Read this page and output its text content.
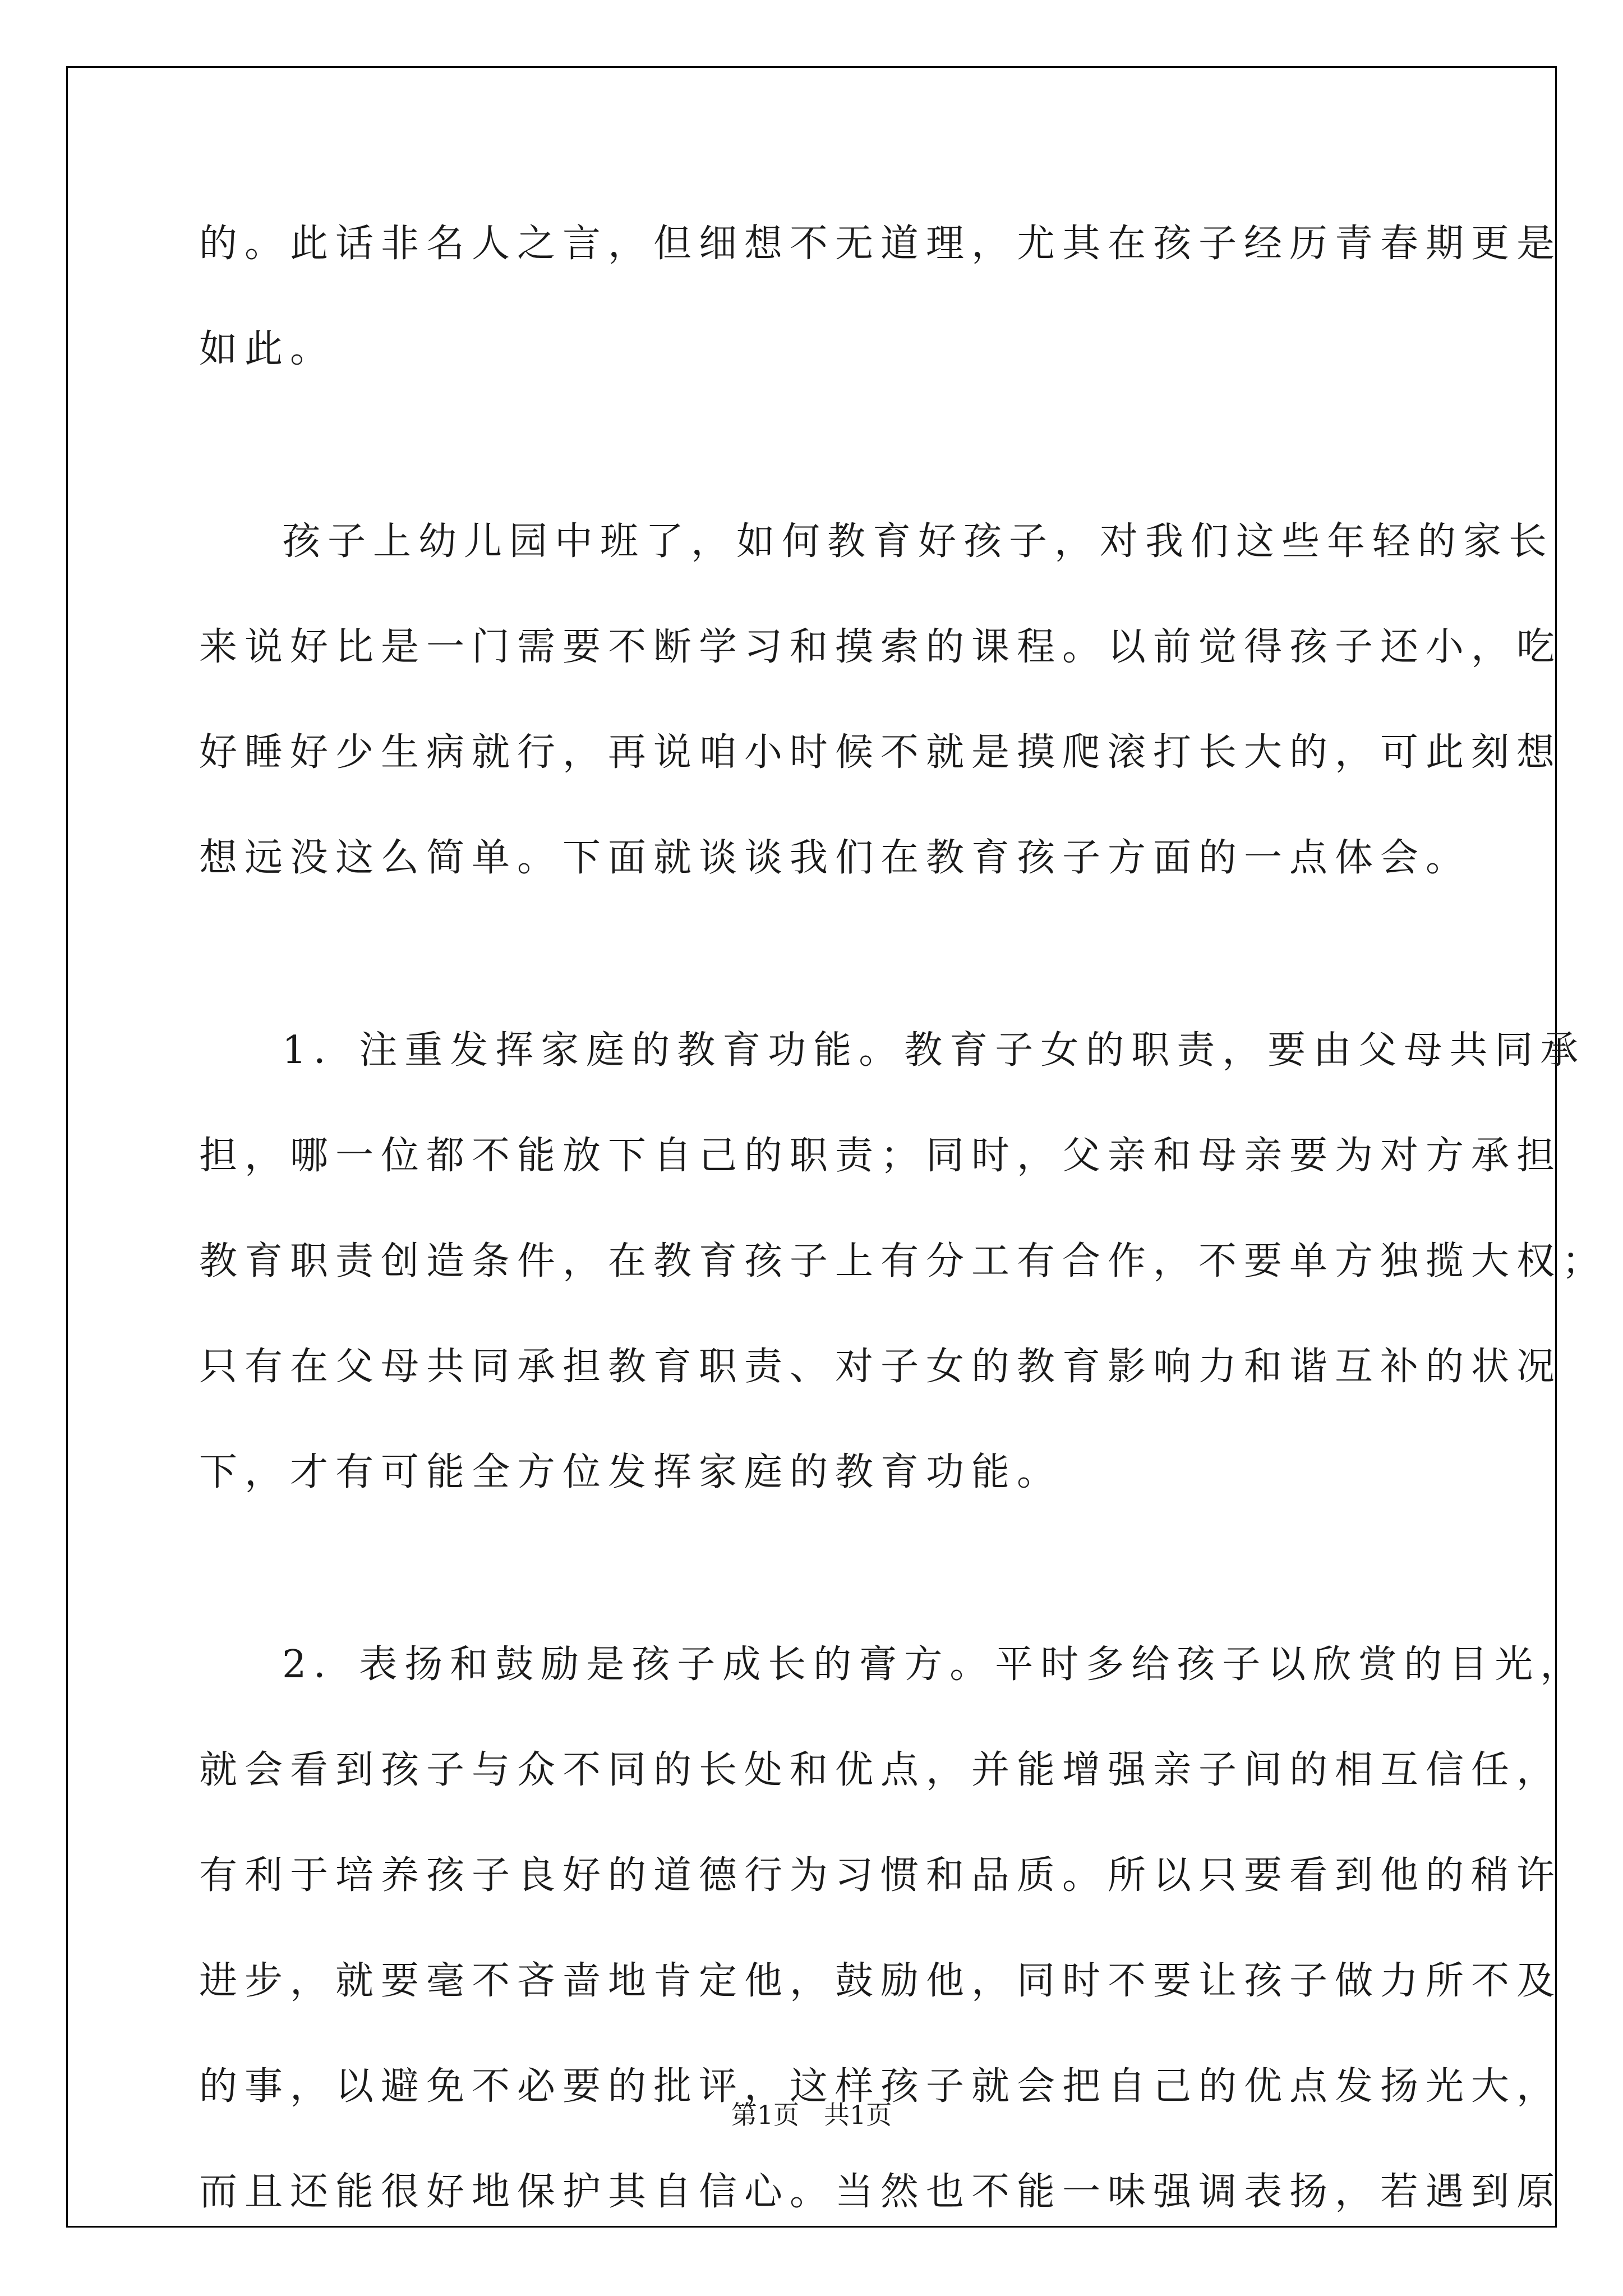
的。此话非名人之言，但细想不无道理，尤其在孩子经历青春期更是
如此。
孩子上幼儿园中班了，如何教育好孩子，对我们这些年轻的家长
来说好比是一门需要不断学习和摸索的课程。以前觉得孩子还小，吃
好睡好少生病就行，再说咱小时候不就是摸爬滚打长大的，可此刻想
想远没这么简单。下面就谈谈我们在教育孩子方面的一点体会。
1．注重发挥家庭的教育功能。教育子女的职责，要由父母共同承
担，哪一位都不能放下自己的职责；同时，父亲和母亲要为对方承担
教育职责创造条件，在教育孩子上有分工有合作，不要单方独揽大权；
只有在父母共同承担教育职责、对子女的教育影响力和谐互补的状况
下，才有可能全方位发挥家庭的教育功能。
2．表扬和鼓励是孩子成长的膏方。平时多给孩子以欣赏的目光，
就会看到孩子与众不同的长处和优点，并能增强亲子间的相互信任，
有利于培养孩子良好的道德行为习惯和品质。所以只要看到他的稍许
进步，就要毫不吝啬地肯定他，鼓励他，同时不要让孩子做力所不及
的事，以避免不必要的批评，这样孩子就会把自己的优点发扬光大，
而且还能很好地保护其自信心。当然也不能一味强调表扬，若遇到原
第1页 共1页
